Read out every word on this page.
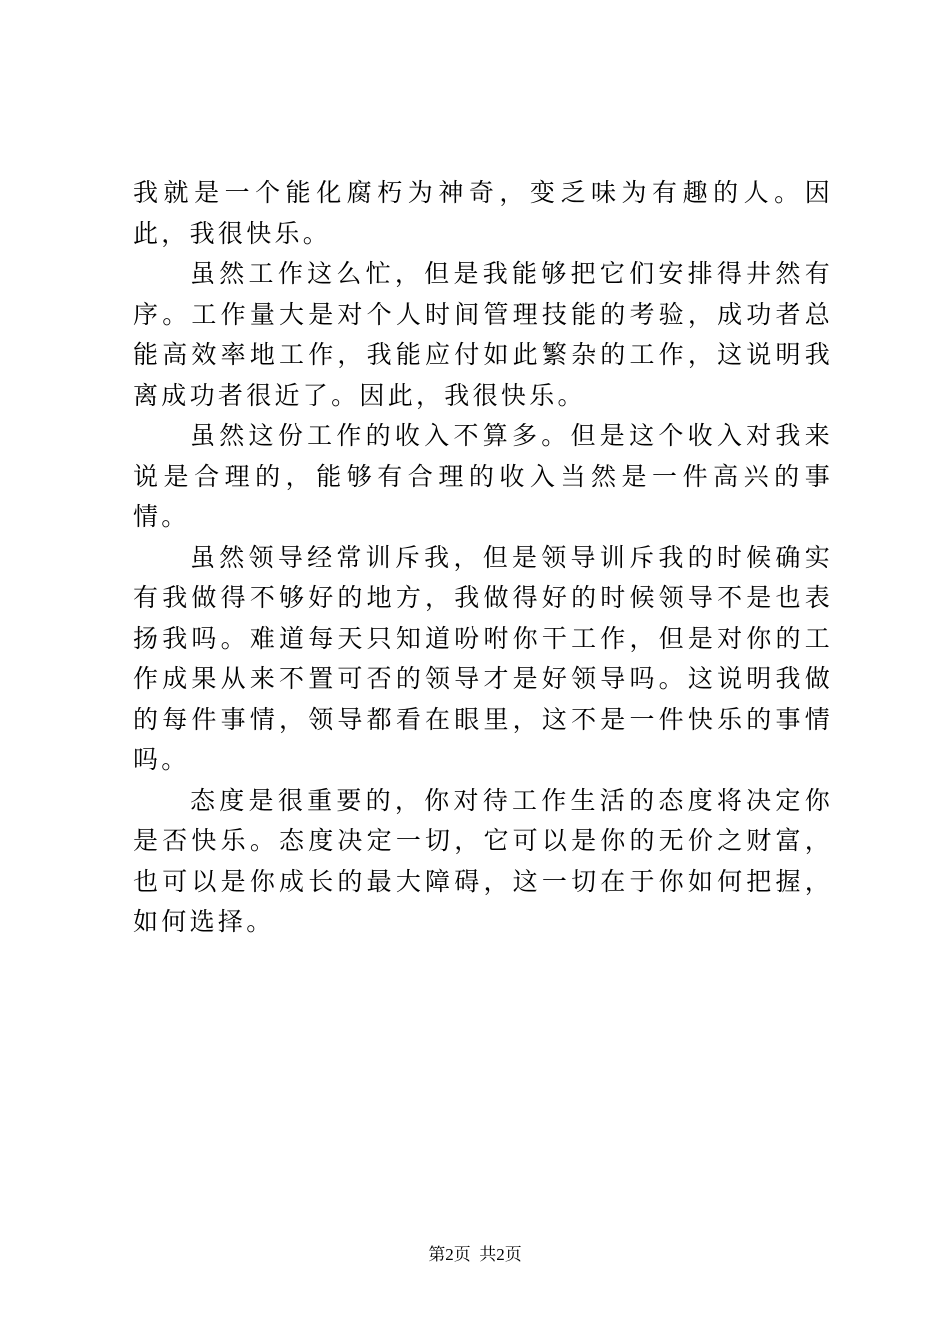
我就是一个能化腐朽为神奇，变乏味为有趣的人。因此，我很快乐。

虽然工作这么忙，但是我能够把它们安排得井然有序。工作量大是对个人时间管理技能的考验，成功者总能高效率地工作，我能应付如此繁杂的工作，这说明我离成功者很近了。因此，我很快乐。

虽然这份工作的收入不算多。但是这个收入对我来说是合理的，能够有合理的收入当然是一件高兴的事情。

虽然领导经常训斥我，但是领导训斥我的时候确实有我做得不够好的地方，我做得好的时候领导不是也表扬我吗。难道每天只知道吩咐你干工作，但是对你的工作成果从来不置可否的领导才是好领导吗。这说明我做的每件事情，领导都看在眼里，这不是一件快乐的事情吗。

态度是很重要的，你对待工作生活的态度将决定你是否快乐。态度决定一切，它可以是你的无价之财富，也可以是你成长的最大障碍，这一切在于你如何把握，如何选择。

第2页 共2页
